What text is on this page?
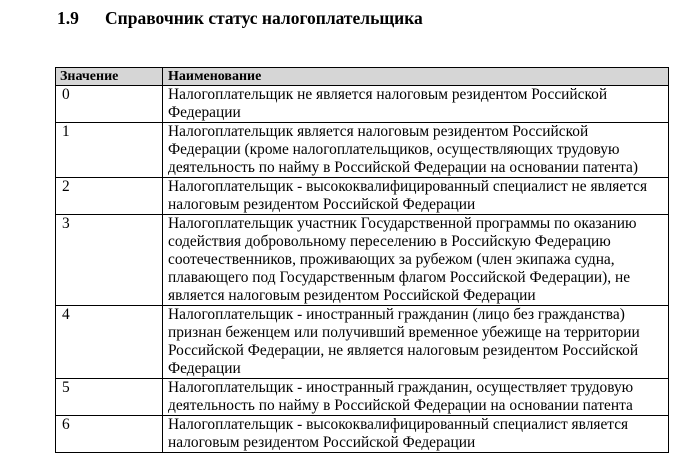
1.9 Справочник статус налогоплательщика
Значение	Наименование
0	Налогоплательщик не является налоговым резидентом Российской Федерации
1	Налогоплательщик является налоговым резидентом Российской Федерации (кроме налогоплательщиков, осуществляющих трудовую деятельность по найму в Российской Федерации на основании патента)
2	Налогоплательщик - высококвалифицированный специалист не является налоговым резидентом Российской Федерации
3	Налогоплательщик участник Государственной программы по оказанию содействия добровольному переселению в Российскую Федерацию соотечественников, проживающих за рубежом (член экипажа судна, плавающего под Государственным флагом Российской Федерации), не является налоговым резидентом Российской Федерации
4	Налогоплательщик - иностранный гражданин (лицо без гражданства) признан беженцем или получивший временное убежище на территории Российской Федерации, не является налоговым резидентом Российской Федерации
5	Налогоплательщик - иностранный гражданин, осуществляет трудовую деятельность по найму в Российской Федерации на основании патента
6	Налогоплательщик - высококвалифицированный специалист является налоговым резидентом Российской Федерации
